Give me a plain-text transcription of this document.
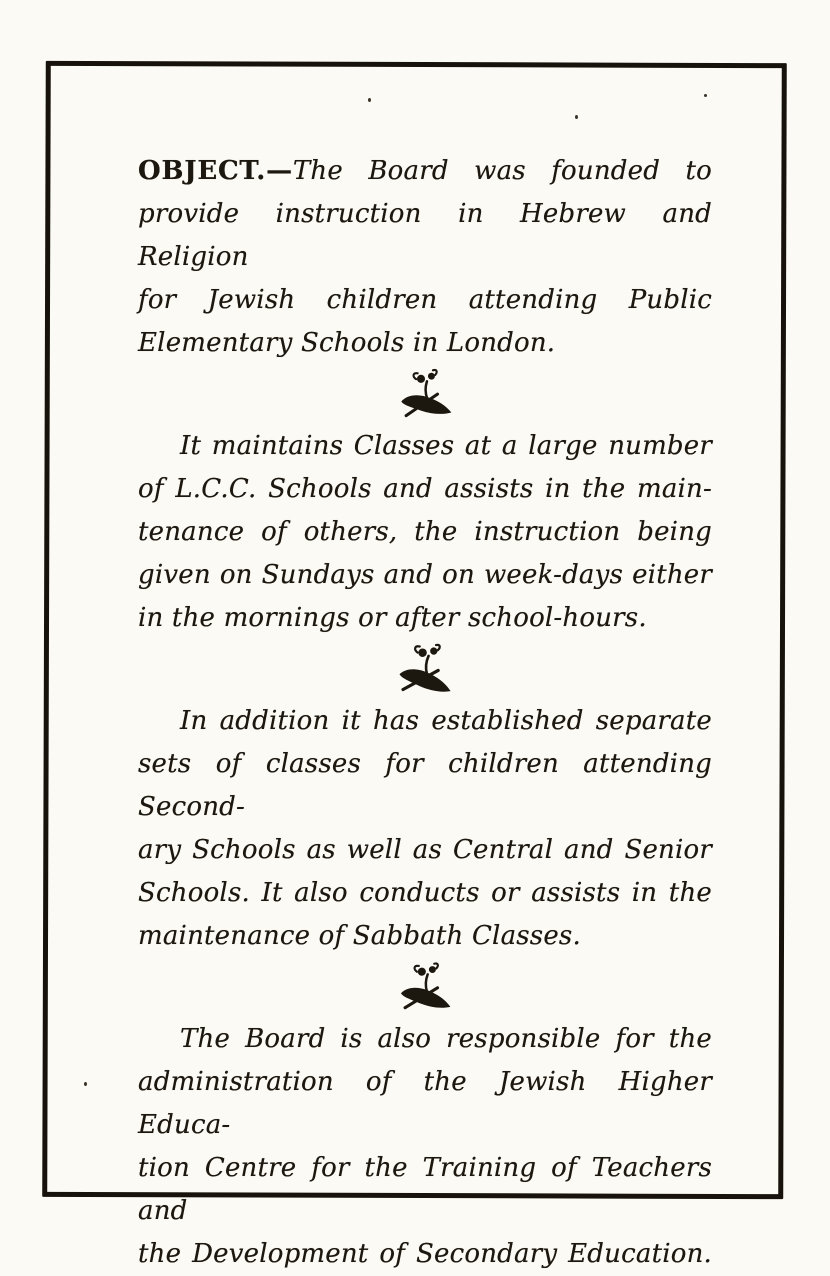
OBJECT.—The Board was founded to
provide instruction in Hebrew and Religion
for Jewish children attending Public
Elementary Schools in London.
It maintains Classes at a large number
of L.C.C. Schools and assists in the main-
tenance of others, the instruction being
given on Sundays and on week-days either
in the mornings or after school-hours.
In addition it has established separate
sets of classes for children attending Second-
ary Schools as well as Central and Senior
Schools. It also conducts or assists in the
maintenance of Sabbath Classes.
The Board is also responsible for the
administration of the Jewish Higher Educa-
tion Centre for the Training of Teachers and
the Development of Secondary Education.
